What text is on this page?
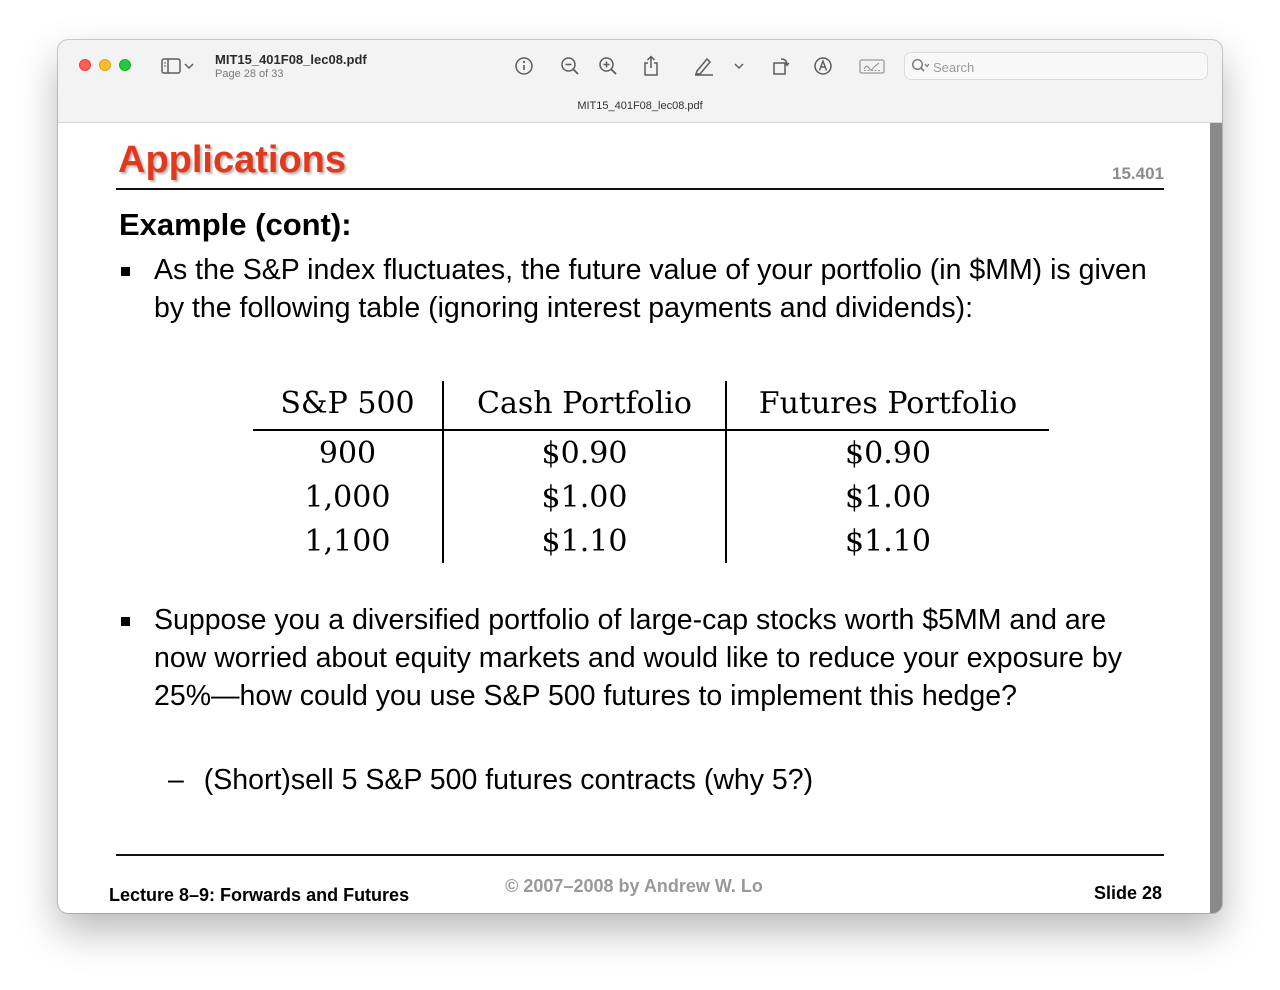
MIT15_401F08_lec08.pdf
Page 28 of 33	Search
MIT15_401F08_lec08.pdf
Applications	15.401
Example (cont):
As the S&P index fluctuates, the future value of your portfolio (in $MM) is given by the following table (ignoring interest payments and dividends):
S&P 500	Cash Portfolio	Futures Portfolio
900	$0.90	$0.90
1,000	$1.00	$1.00
1,100	$1.10	$1.10
Suppose you a diversified portfolio of large-cap stocks worth $5MM and are now worried about equity markets and would like to reduce your exposure by 25%—how could you use S&P 500 futures to implement this hedge?
– (Short)sell 5 S&P 500 futures contracts (why 5?)
Lecture 8–9: Forwards and Futures	© 2007–2008 by Andrew W. Lo	Slide 28
